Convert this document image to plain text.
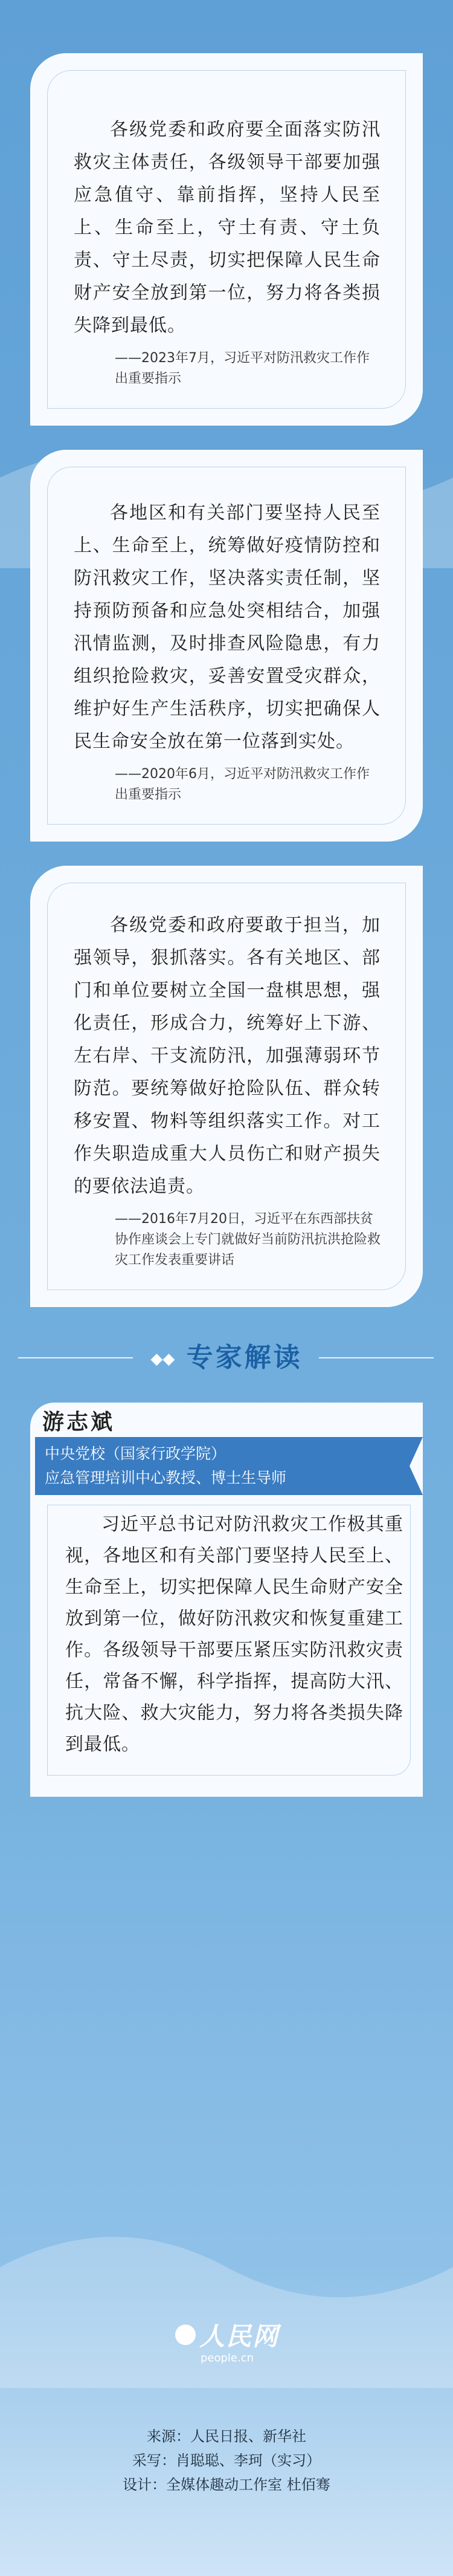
各级党委和政府要全面落实防汛救灾主体责任，各级领导干部要加强应急值守、靠前指挥，坚持人民至上、生命至上，守土有责、守土负责、守土尽责，切实把保障人民生命财产安全放到第一位，努力将各类损失降到最低。
——2023年7月，习近平对防汛救灾工作作出重要指示
各地区和有关部门要坚持人民至上、生命至上，统筹做好疫情防控和防汛救灾工作，坚决落实责任制，坚持预防预备和应急处突相结合，加强汛情监测，及时排查风险隐患，有力组织抢险救灾，妥善安置受灾群众，维护好生产生活秩序，切实把确保人民生命安全放在第一位落到实处。
——2020年6月，习近平对防汛救灾工作作出重要指示
各级党委和政府要敢于担当，加强领导，狠抓落实。各有关地区、部门和单位要树立全国一盘棋思想，强化责任，形成合力，统筹好上下游、左右岸、干支流防汛，加强薄弱环节防范。要统筹做好抢险队伍、群众转移安置、物料等组织落实工作。对工作失职造成重大人员伤亡和财产损失的要依法追责。
——2016年7月20日，习近平在东西部扶贫协作座谈会上专门就做好当前防汛抗洪抢险救灾工作发表重要讲话
◆◆ 专家解读
游志斌
中央党校（国家行政学院）
应急管理培训中心教授、博士生导师
习近平总书记对防汛救灾工作极其重视，各地区和有关部门要坚持人民至上、生命至上，切实把保障人民生命财产安全放到第一位，做好防汛救灾和恢复重建工作。各级领导干部要压紧压实防汛救灾责任，常备不懈，科学指挥，提高防大汛、抗大险、救大灾能力，努力将各类损失降到最低。
人民网
people.cn
来源：人民日报、新华社
采写：肖聪聪、李珂（实习）
设计：全媒体趣动工作室 杜佰骞
